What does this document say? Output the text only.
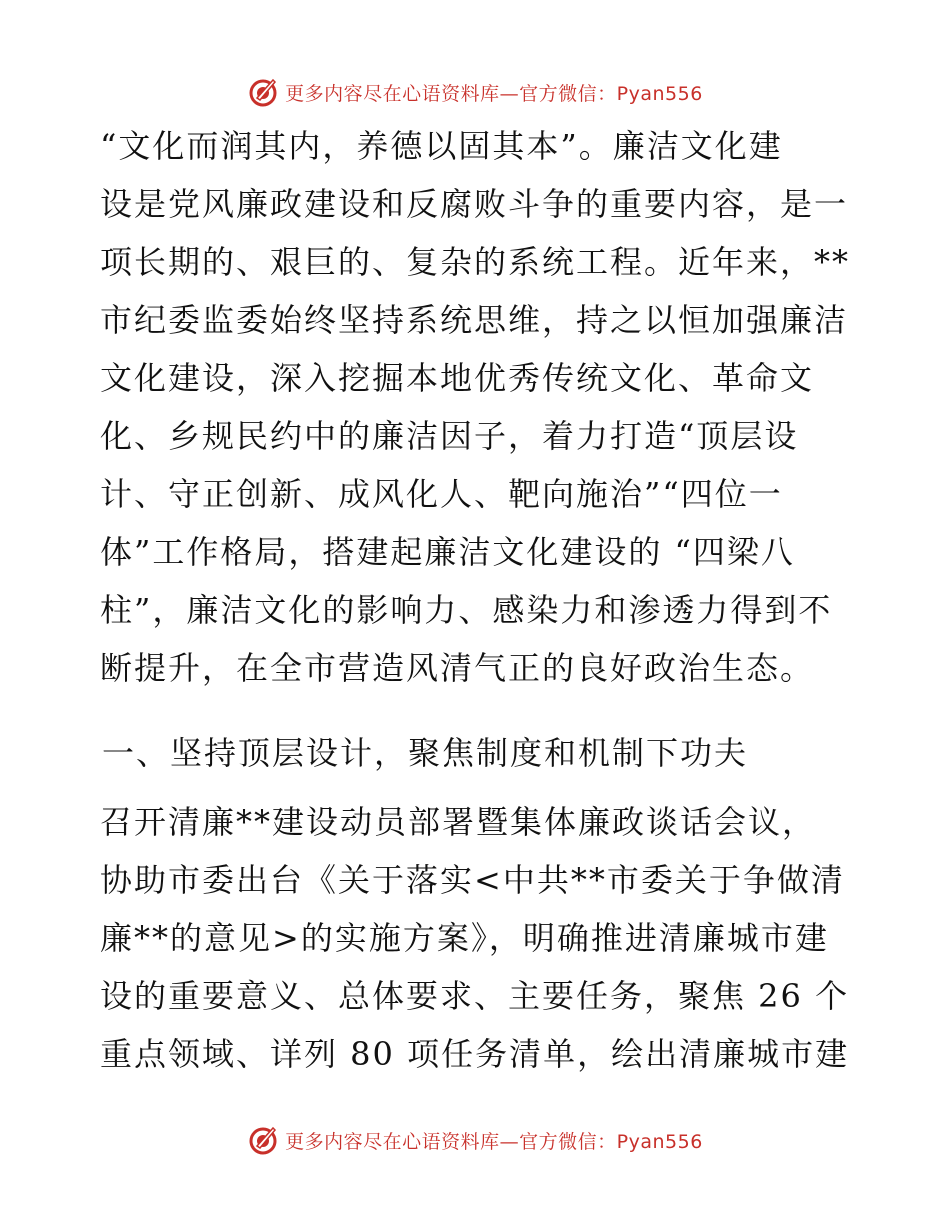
更多内容尽在心语资料库—官方微信：Pyan556
“文化而润其内，养德以固其本”。廉洁文化建
设是党风廉政建设和反腐败斗争的重要内容，是一
项长期的、艰巨的、复杂的系统工程。近年来，**
市纪委监委始终坚持系统思维，持之以恒加强廉洁
文化建设，深入挖掘本地优秀传统文化、革命文
化、乡规民约中的廉洁因子，着力打造“顶层设
计、守正创新、成风化人、靶向施治”“四位一
体”工作格局，搭建起廉洁文化建设的 “四梁八
柱”，廉洁文化的影响力、感染力和渗透力得到不
断提升，在全市营造风清气正的良好政治生态。
一、坚持顶层设计，聚焦制度和机制下功夫
召开清廉**建设动员部署暨集体廉政谈话会议，
协助市委出台《关于落实<中共**市委关于争做清
廉**的意见>的实施方案》，明确推进清廉城市建
设的重要意义、总体要求、主要任务，聚焦 26 个
重点领域、详列 80 项任务清单，绘出清廉城市建
更多内容尽在心语资料库—官方微信：Pyan556
